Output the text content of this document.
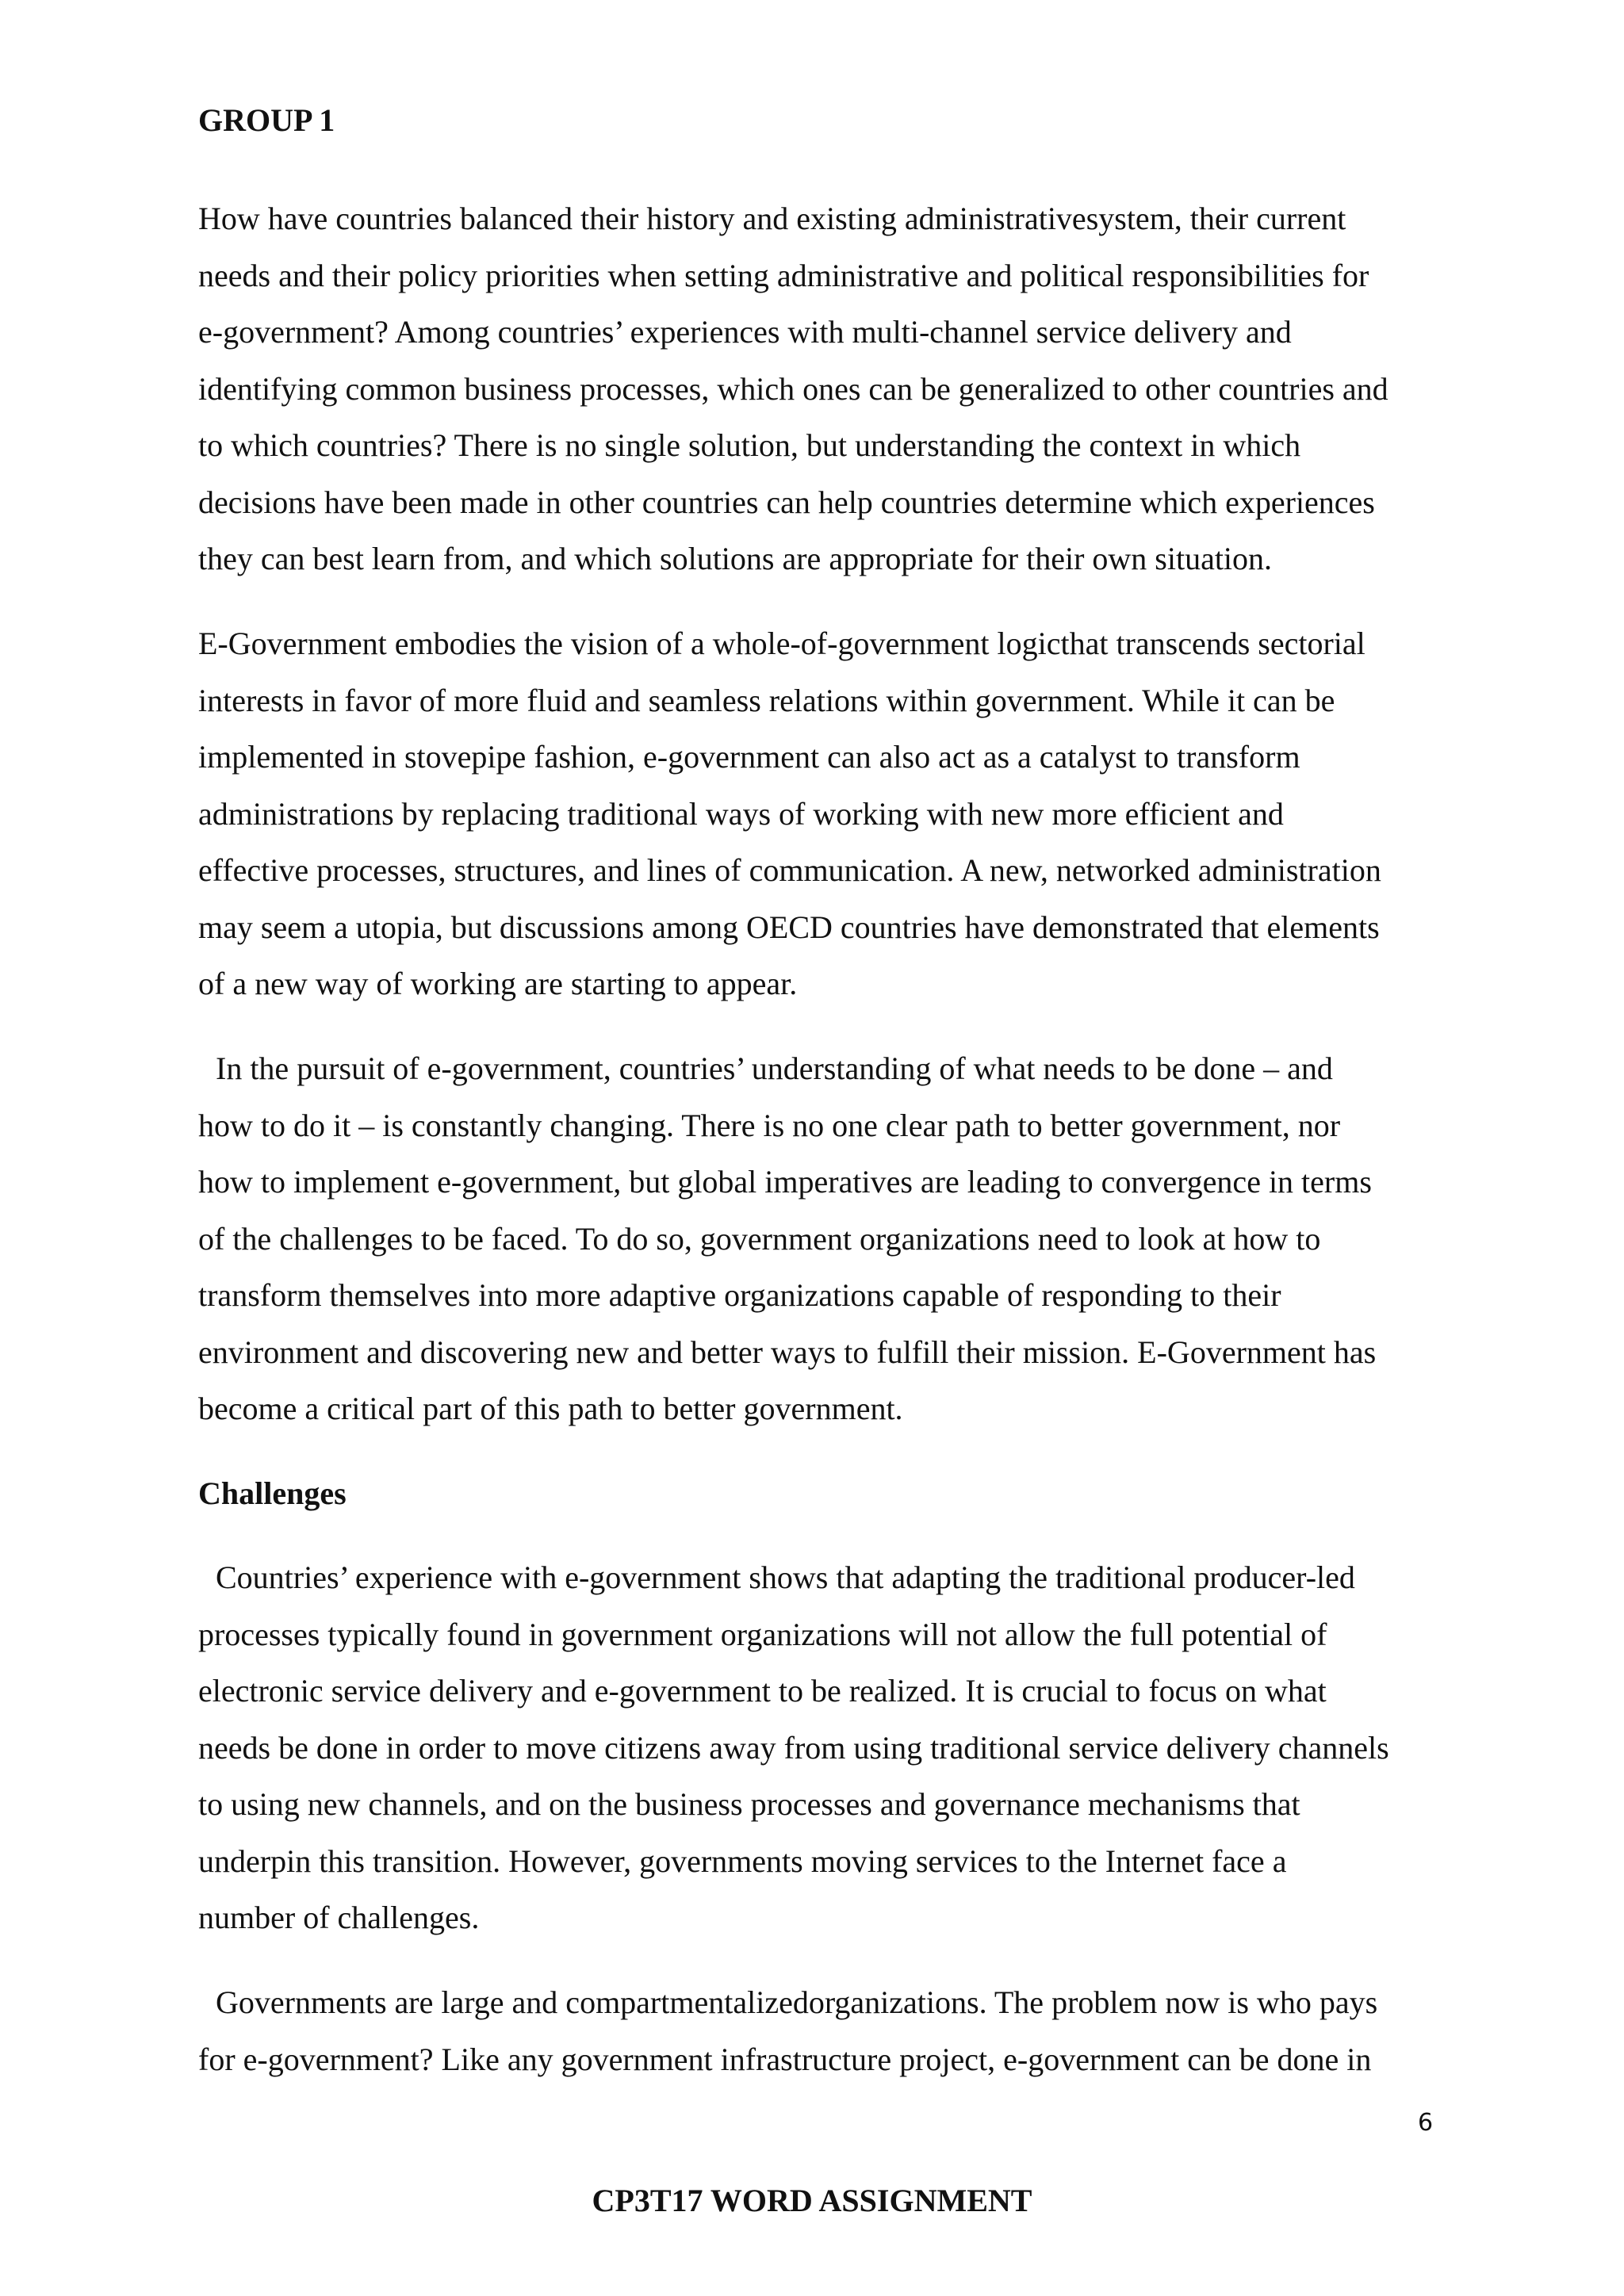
GROUP 1
How have countries balanced their history and existing administrativesystem, their current
needs and their policy priorities when setting administrative and political responsibilities for
e-government? Among countries’ experiences with multi-channel service delivery and
identifying common business processes, which ones can be generalized to other countries and
to which countries? There is no single solution, but understanding the context in which
decisions have been made in other countries can help countries determine which experiences
they can best learn from, and which solutions are appropriate for their own situation.
E-Government embodies the vision of a whole-of-government logicthat transcends sectorial
interests in favor of more fluid and seamless relations within government. While it can be
implemented in stovepipe fashion, e-government can also act as a catalyst to transform
administrations by replacing traditional ways of working with new more efficient and
effective processes, structures, and lines of communication. A new, networked administration
may seem a utopia, but discussions among OECD countries have demonstrated that elements
of a new way of working are starting to appear.
In the pursuit of e-government, countries’ understanding of what needs to be done – and
how to do it – is constantly changing. There is no one clear path to better government, nor
how to implement e-government, but global imperatives are leading to convergence in terms
of the challenges to be faced. To do so, government organizations need to look at how to
transform themselves into more adaptive organizations capable of responding to their
environment and discovering new and better ways to fulfill their mission. E-Government has
become a critical part of this path to better government.
Challenges
Countries’ experience with e-government shows that adapting the traditional producer-led
processes typically found in government organizations will not allow the full potential of
electronic service delivery and e-government to be realized. It is crucial to focus on what
needs be done in order to move citizens away from using traditional service delivery channels
to using new channels, and on the business processes and governance mechanisms that
underpin this transition. However, governments moving services to the Internet face a
number of challenges.
Governments are large and compartmentalizedorganizations. The problem now is who pays
for e-government? Like any government infrastructure project, e-government can be done in
6
CP3T17 WORD ASSIGNMENT
